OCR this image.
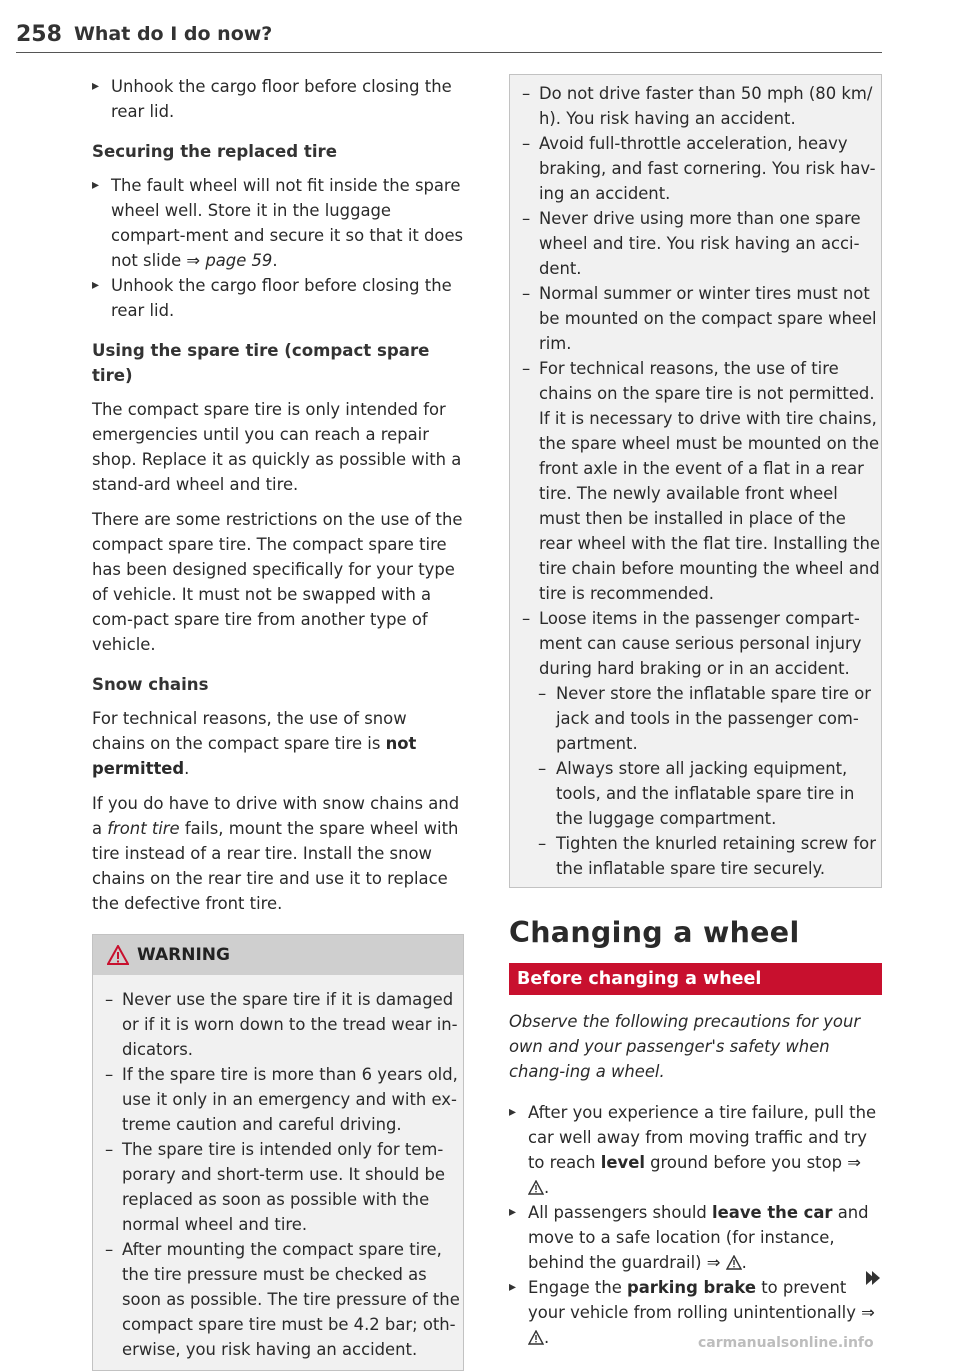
258 What do I do now?

▸ Unhook the cargo floor before closing the rear lid.

Securing the replaced tire

▸ The fault wheel will not fit inside the spare wheel well. Store it in the luggage compart-ment and secure it so that it does not slide ⇒ page 59.

▸ Unhook the cargo floor before closing the rear lid.

Using the spare tire (compact spare tire)

The compact spare tire is only intended for emergencies until you can reach a repair shop. Replace it as quickly as possible with a stand-ard wheel and tire.

There are some restrictions on the use of the compact spare tire. The compact spare tire has been designed specifically for your type of vehicle. It must not be swapped with a com-pact spare tire from another type of vehicle.

Snow chains

For technical reasons, the use of snow chains on the compact spare tire is not permitted.

If you do have to drive with snow chains and a front tire fails, mount the spare wheel with tire instead of a rear tire. Install the snow chains on the rear tire and use it to replace the defective front tire.

WARNING

– Never use the spare tire if it is damaged or if it is worn down to the tread wear in-dicators.

– If the spare tire is more than 6 years old, use it only in an emergency and with ex-treme caution and careful driving.

– The spare tire is intended only for tem-porary and short-term use. It should be replaced as soon as possible with the normal wheel and tire.

– After mounting the compact spare tire, the tire pressure must be checked as soon as possible. The tire pressure of the compact spare tire must be 4.2 bar; oth-erwise, you risk having an accident.

– Do not drive faster than 50 mph (80 km/ h). You risk having an accident.

– Avoid full-throttle acceleration, heavy braking, and fast cornering. You risk hav-ing an accident.

– Never drive using more than one spare wheel and tire. You risk having an acci-dent.

– Normal summer or winter tires must not be mounted on the compact spare wheel rim.

– For technical reasons, the use of tire chains on the spare tire is not permitted. If it is necessary to drive with tire chains, the spare wheel must be mounted on the front axle in the event of a flat in a rear tire. The newly available front wheel must then be installed in place of the rear wheel with the flat tire. Installing the tire chain before mounting the wheel and tire is recommended.

– Loose items in the passenger compart-ment can cause serious personal injury during hard braking or in an accident.

– Never store the inflatable spare tire or jack and tools in the passenger com-partment.

– Always store all jacking equipment, tools, and the inflatable spare tire in the luggage compartment.

– Tighten the knurled retaining screw for the inflatable spare tire securely.

Changing a wheel
Before changing a wheel

Observe the following precautions for your own and your passenger's safety when chang-ing a wheel.

▸ After you experience a tire failure, pull the car well away from moving traffic and try to reach level ground before you stop ⇒ .

▸ All passengers should leave the car and move to a safe location (for instance, behind the guardrail) ⇒ .

▸ Engage the parking brake to prevent your vehicle from rolling unintentionally ⇒ .	carmanualsonline.info
